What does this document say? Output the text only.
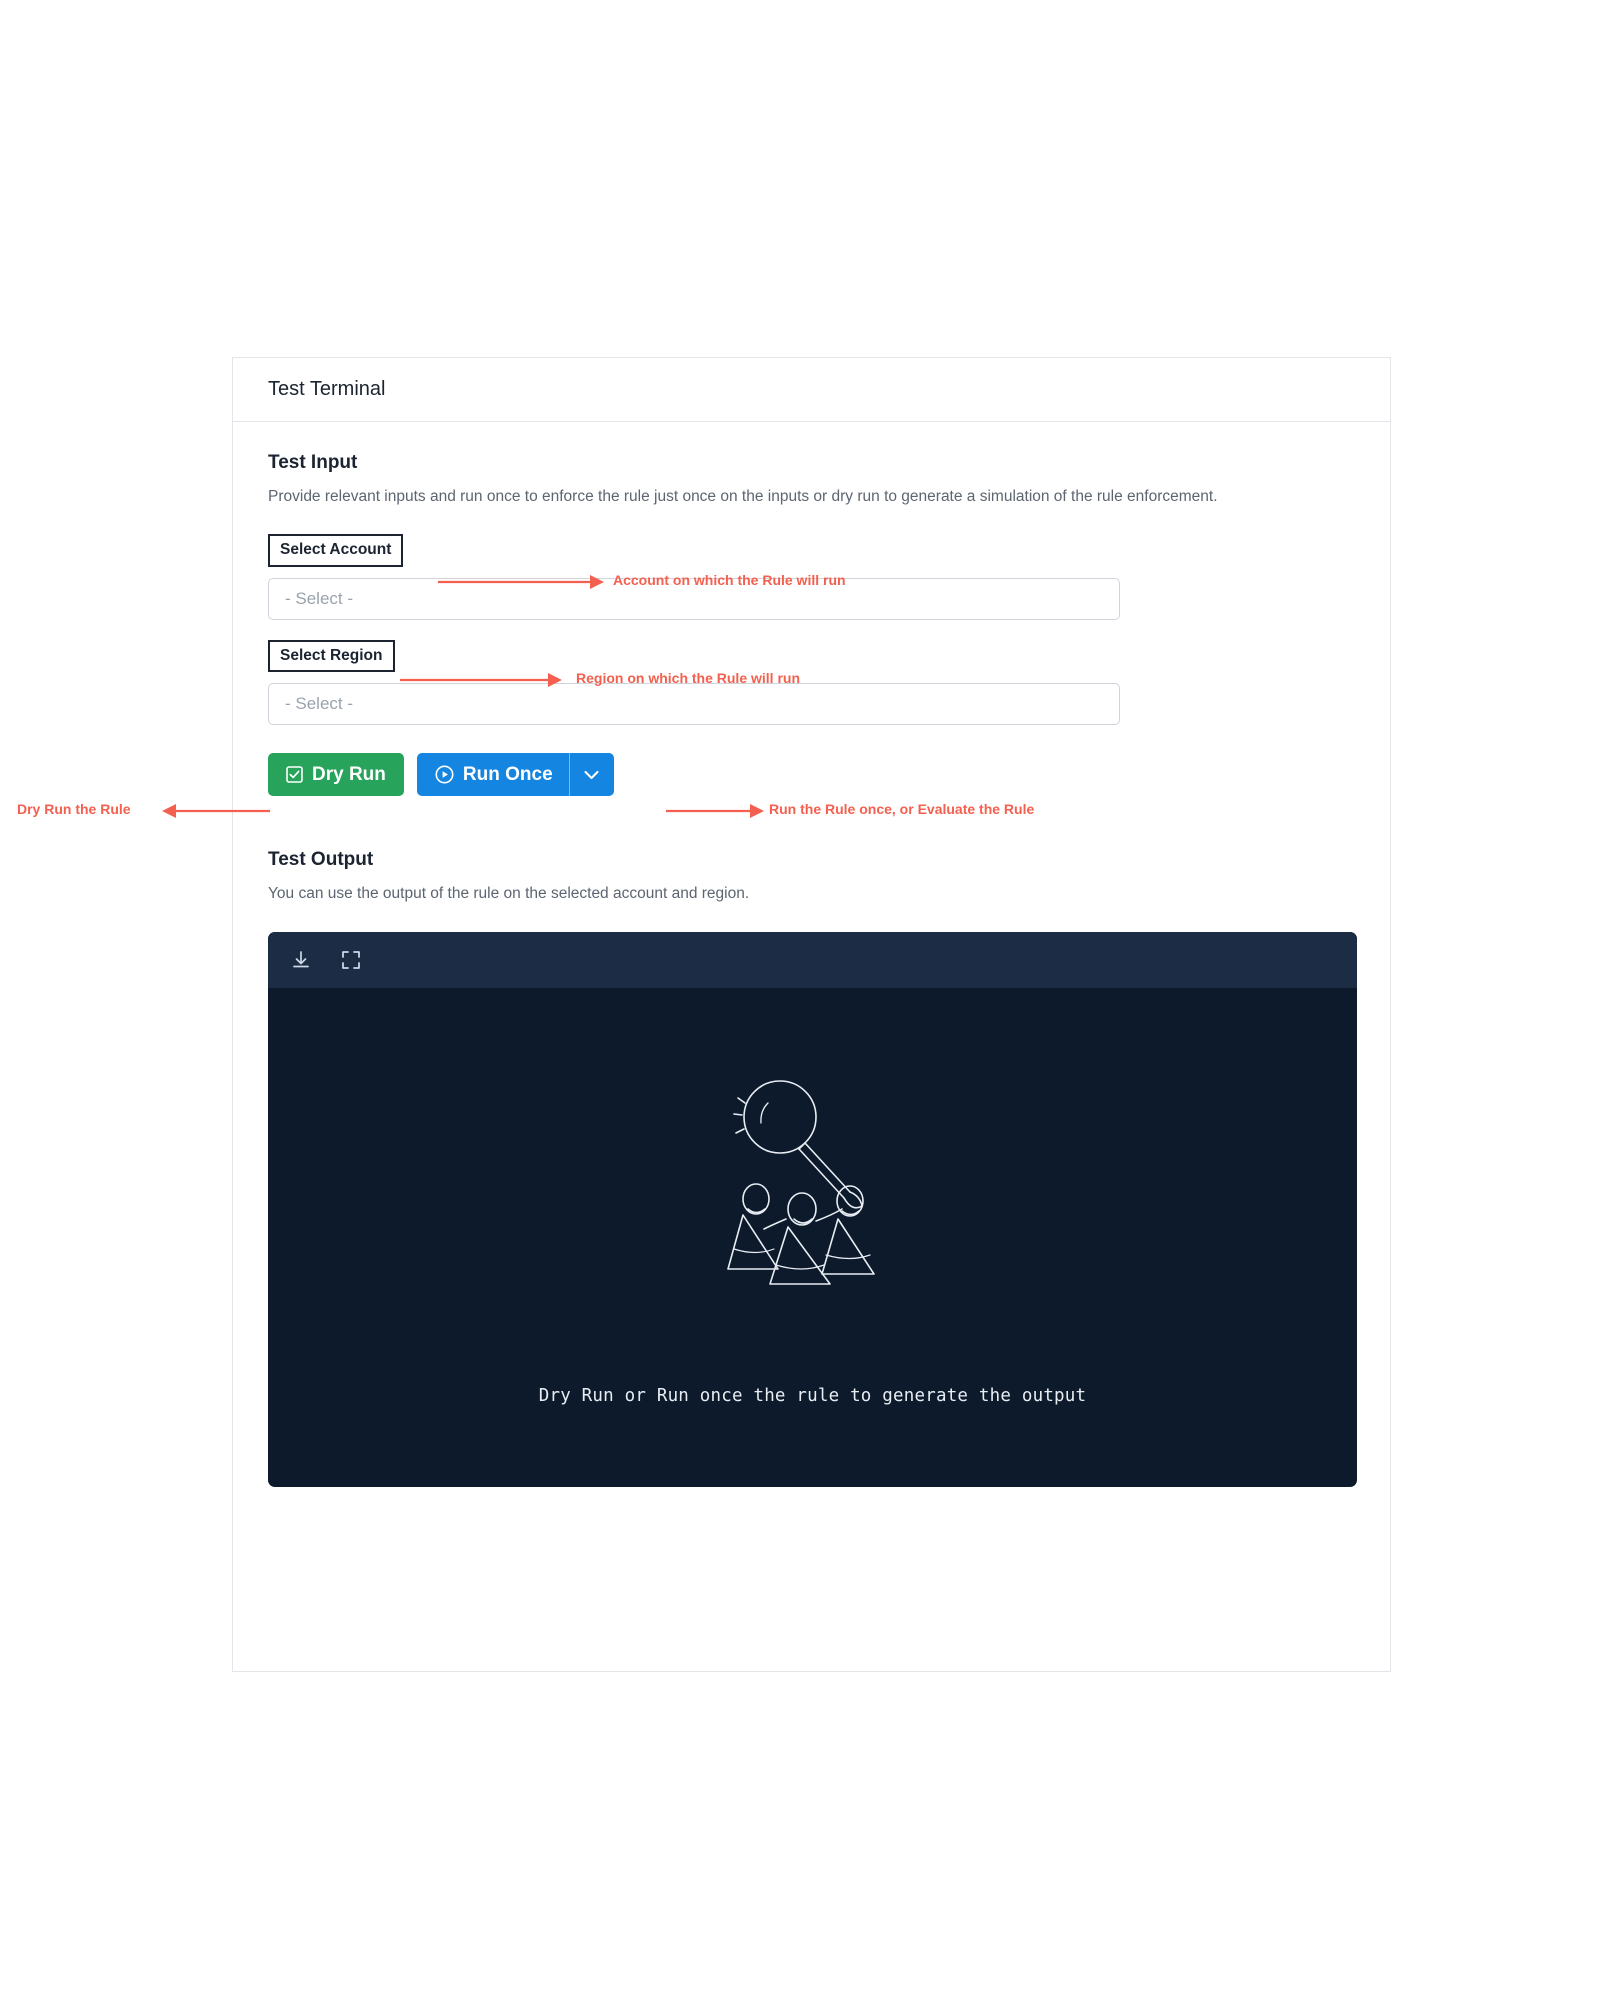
Test Terminal
Test Input

Provide relevant inputs and run once to enforce the rule just once on the inputs or dry run to generate a simulation of the rule enforcement.

Select Account
- Select -
Select Region
- Select -
Dry Run	Run Once
Test Output

You can use the output of the rule on the selected account and region.

Dry Run or Run once the rule to generate the output
Account on which the Rule will run
Region on which the Rule will run
Dry Run the Rule	Run the Rule once, or Evaluate the Rule
